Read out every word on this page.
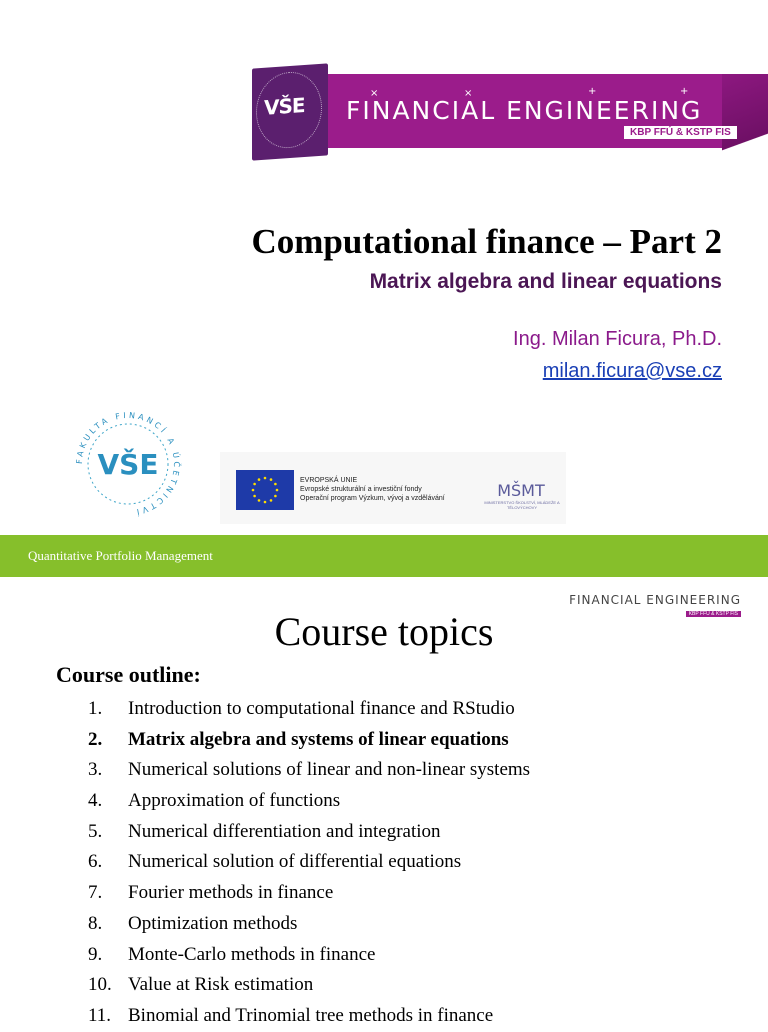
VŠE	×	×	+	+
FINANCIAL ENGINEERING
KBP FFÚ & KSTP FIS
Computational finance – Part 2
Matrix algebra and linear equations
Ing. Milan Ficura, Ph.D.
milan.ficura@vse.cz
VŠE
FAKULTA FINANCÍ A ÚČETNICTVÍ
EVROPSKÁ UNIE
Evropské strukturální a investiční fondy
Operační program Výzkum, vývoj a vzdělávání	MŠMT
MINISTERSTVO ŠKOLSTVÍ, MLÁDEŽE A TĚLOVÝCHOVY
Quantitative Portfolio Management
FINANCIAL ENGINEERING
KBP FFÚ & KSTP FIS
Course topics
Course outline:
1. Introduction to computational finance and RStudio
2. Matrix algebra and systems of linear equations
3. Numerical solutions of linear and non-linear systems
4. Approximation of functions
5. Numerical differentiation and integration
6. Numerical solution of differential equations
7. Fourier methods in finance
8. Optimization methods
9. Monte-Carlo methods in finance
10. Value at Risk estimation
11. Binomial and Trinomial tree methods in finance
